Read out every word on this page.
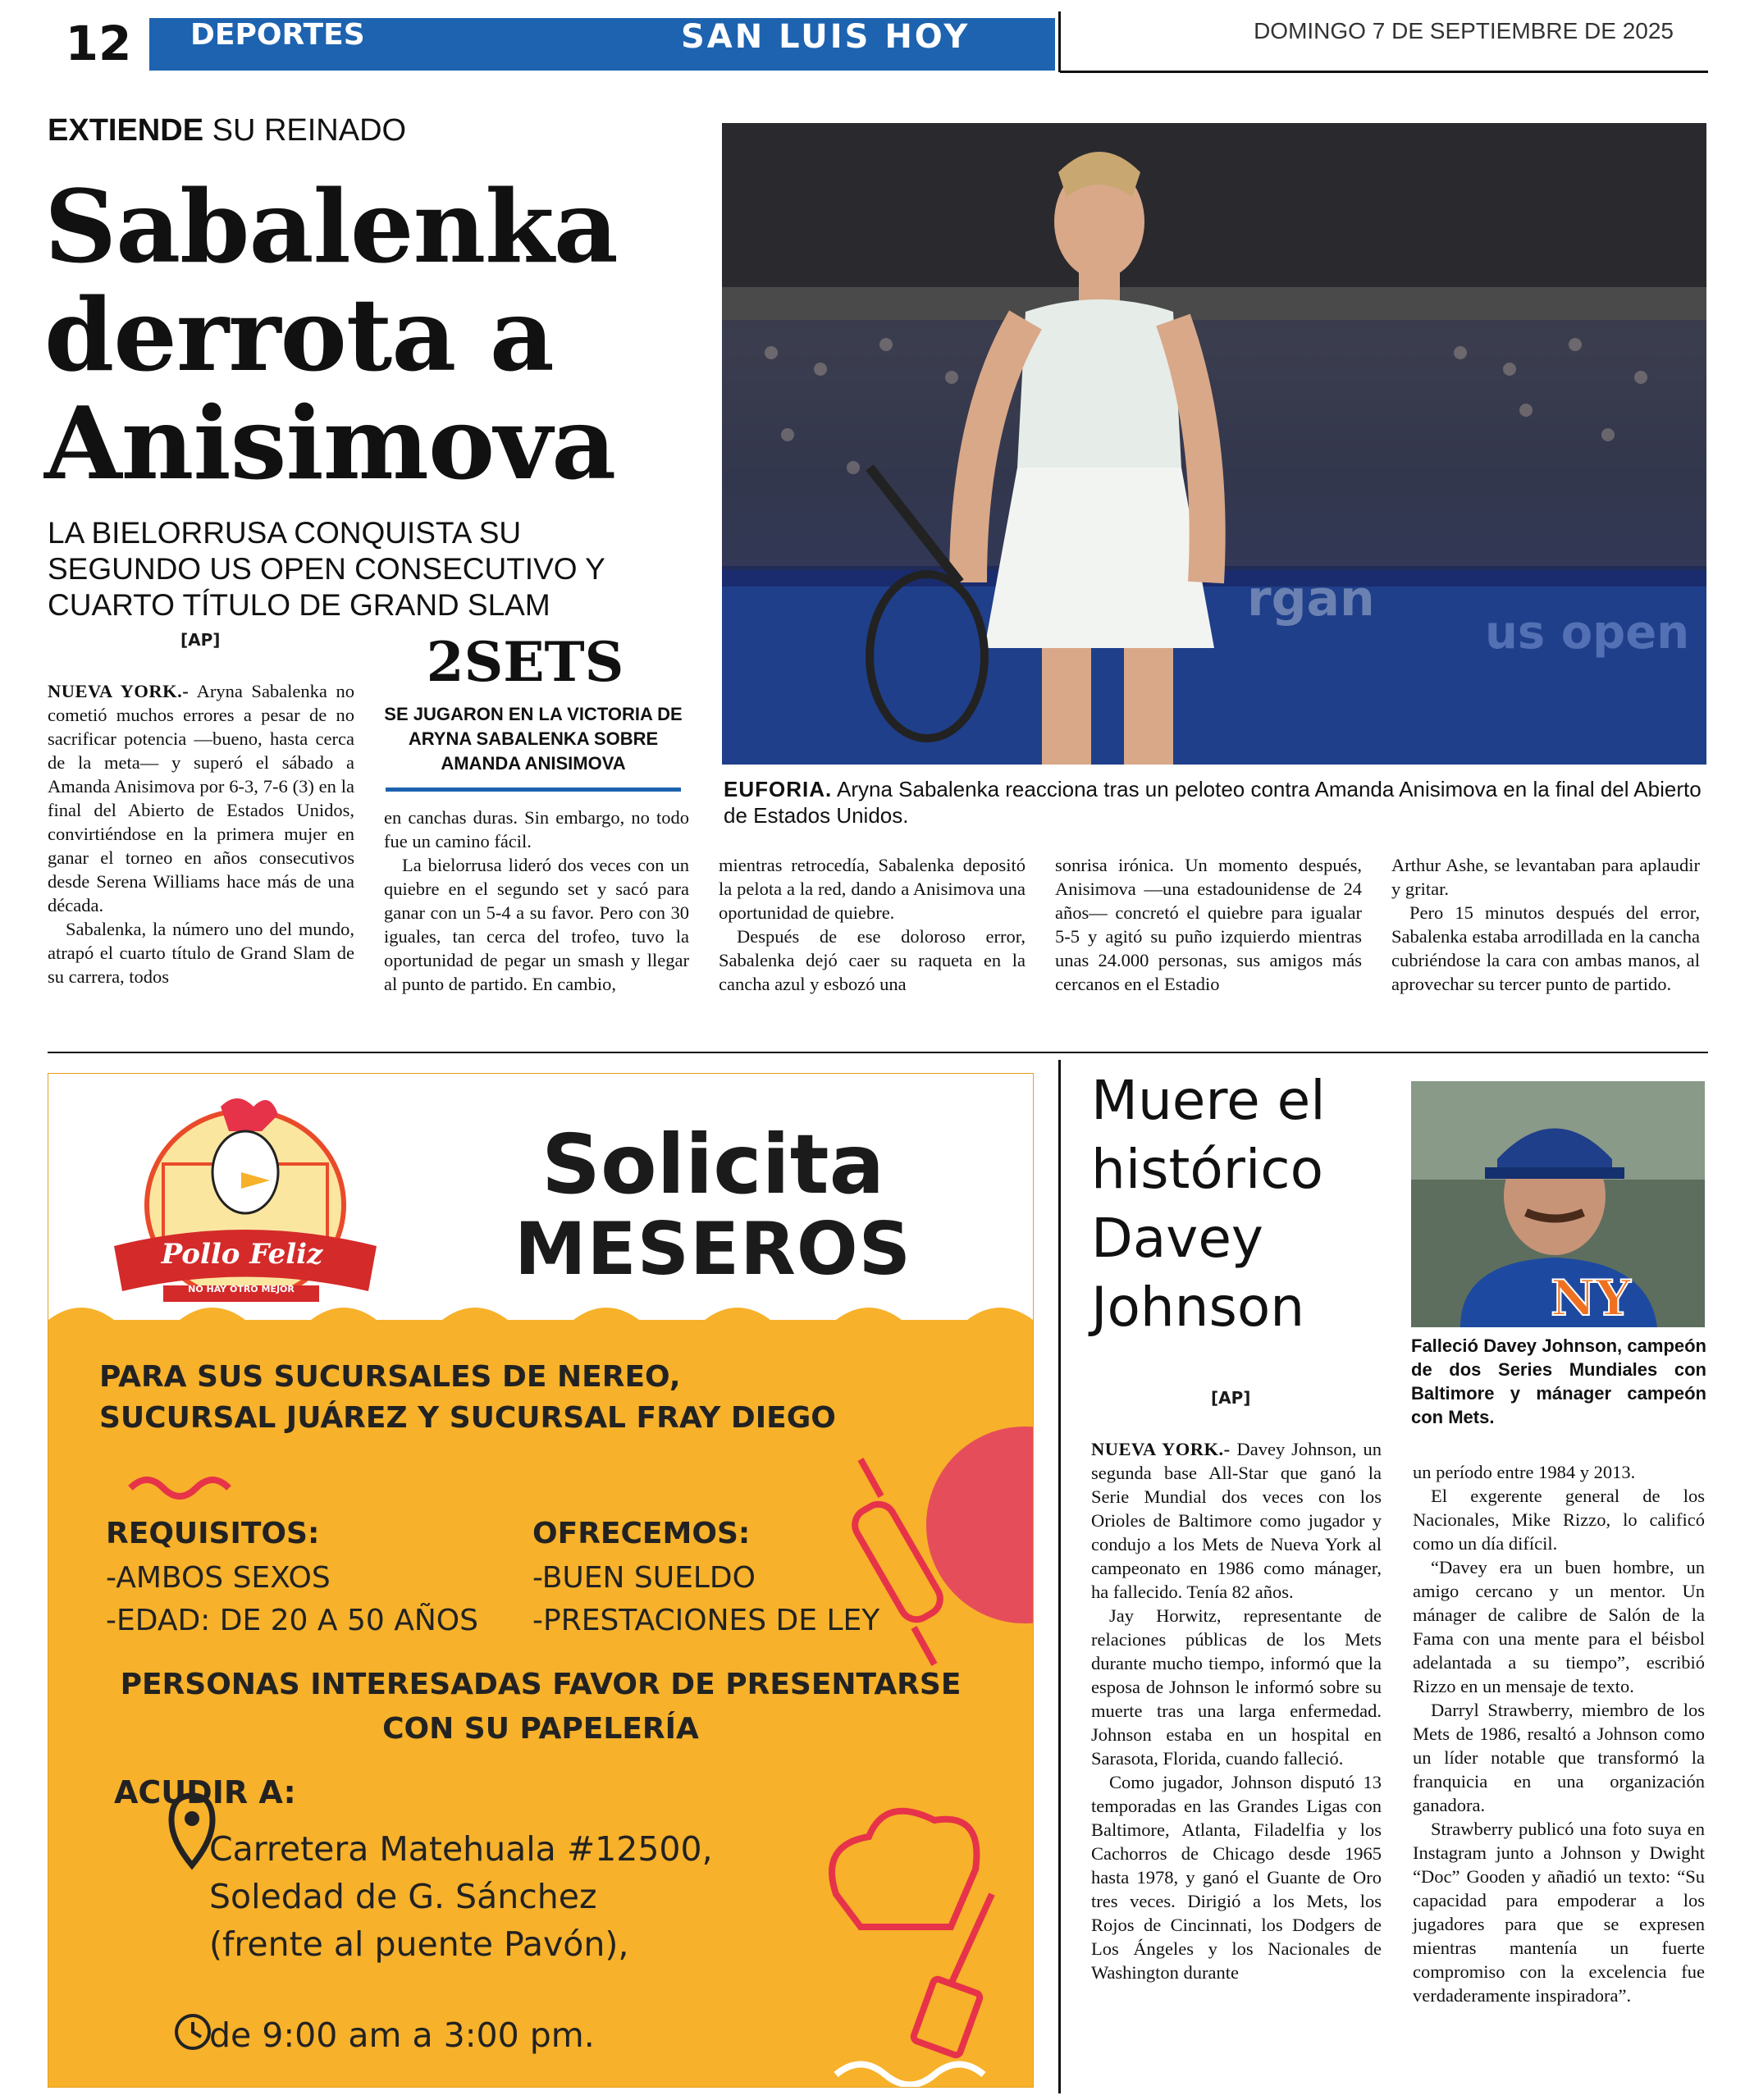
12	DEPORTES	SAN LUIS HOY	DOMINGO 7 DE SEPTIEMBRE DE 2025
EXTIENDE SU REINADO
Sabalenka
derrota a
Anisimova
LA BIELORRUSA CONQUISTA SU
SEGUNDO US OPEN CONSECUTIVO Y
CUARTO TÍTULO DE GRAND SLAM
[AP]	us open
rgan
EUFORIA. Aryna Sabalenka reacciona tras un peloteo contra Amanda Anisimova en la final del Abierto de Estados Unidos.
2SETS
SE JUGARON EN LA VICTORIA DE ARYNA SABALENKA SOBRE AMANDA ANISIMOVA

NUEVA YORK.- Aryna Sabalenka no cometió muchos errores a pesar de no sacrificar potencia —bueno, hasta cerca de la meta— y superó el sábado a Amanda Anisimova por 6-3, 7-6 (3) en la final del Abierto de Estados Unidos, convirtiéndose en la primera mujer en ganar el torneo en años consecutivos desde Serena Williams hace más de una década.

Sabalenka, la número uno del mundo, atrapó el cuarto título de Grand Slam de su carrera, todos

en canchas duras. Sin embargo, no todo fue un camino fácil.

La bielorrusa lideró dos veces con un quiebre en el segundo set y sacó para ganar con un 5-4 a su favor. Pero con 30 iguales, tan cerca del trofeo, tuvo la oportunidad de pegar un smash y llegar al punto de partido. En cambio,

mientras retrocedía, Sabalenka depositó la pelota a la red, dando a Anisimova una oportunidad de quiebre.

Después de ese doloroso error, Sabalenka dejó caer su raqueta en la cancha azul y esbozó una

sonrisa irónica. Un momento después, Anisimova —una estadounidense de 24 años— concretó el quiebre para igualar 5-5 y agitó su puño izquierdo mientras unas 24.000 personas, sus amigos más cercanos en el Estadio

Arthur Ashe, se levantaban para aplaudir y gritar.

Pero 15 minutos después del error, Sabalenka estaba arrodillada en la cancha cubriéndose la cara con ambas manos, al aprovechar su tercer punto de partido.

Pollo Feliz
NO HAY OTRO MEJOR
Solicita
MESEROS
PARA SUS SUCURSALES DE NEREO,
SUCURSAL JUÁREZ Y SUCURSAL FRAY DIEGO
REQUISITOS:
-AMBOS SEXOS
-EDAD: DE 20 A 50 AÑOS
OFRECEMOS:
-BUEN SUELDO
-PRESTACIONES DE LEY
PERSONAS INTERESADAS FAVOR DE PRESENTARSE
CON SU PAPELERÍA
ACUDIR A:
Carretera Matehuala #12500,
Soledad de G. Sánchez
(frente al puente Pavón),
de 9:00 am a 3:00 pm.
Muere el
histórico
Davey
Johnson	NY
Falleció Davey Johnson, campeón de dos Series Mundiales con Baltimore y mánager campeón con Mets.
[AP]

NUEVA YORK.- Davey Johnson, un segunda base All-Star que ganó la Serie Mundial dos veces con los Orioles de Baltimore como jugador y condujo a los Mets de Nueva York al campeonato en 1986 como mánager, ha fallecido. Tenía 82 años.

Jay Horwitz, representante de relaciones públicas de los Mets durante mucho tiempo, informó que la esposa de Johnson le informó sobre su muerte tras una larga enfermedad. Johnson estaba en un hospital en Sarasota, Florida, cuando falleció.

Como jugador, Johnson disputó 13 temporadas en las Grandes Ligas con Baltimore, Atlanta, Filadelfia y los Cachorros de Chicago desde 1965 hasta 1978, y ganó el Guante de Oro tres veces. Dirigió a los Mets, los Rojos de Cincinnati, los Dodgers de Los Ángeles y los Nacionales de Washington durante

un período entre 1984 y 2013.

El exgerente general de los Nacionales, Mike Rizzo, lo calificó como un día difícil.

“Davey era un buen hombre, un amigo cercano y un mentor. Un mánager de calibre de Salón de la Fama con una mente para el béisbol adelantada a su tiempo”, escribió Rizzo en un mensaje de texto.

Darryl Strawberry, miembro de los Mets de 1986, resaltó a Johnson como un líder notable que transformó la franquicia en una organización ganadora.

Strawberry publicó una foto suya en Instagram junto a Johnson y Dwight “Doc” Gooden y añadió un texto: “Su capacidad para empoderar a los jugadores para que se expresen mientras mantenía un fuerte compromiso con la excelencia fue verdaderamente inspiradora”.
